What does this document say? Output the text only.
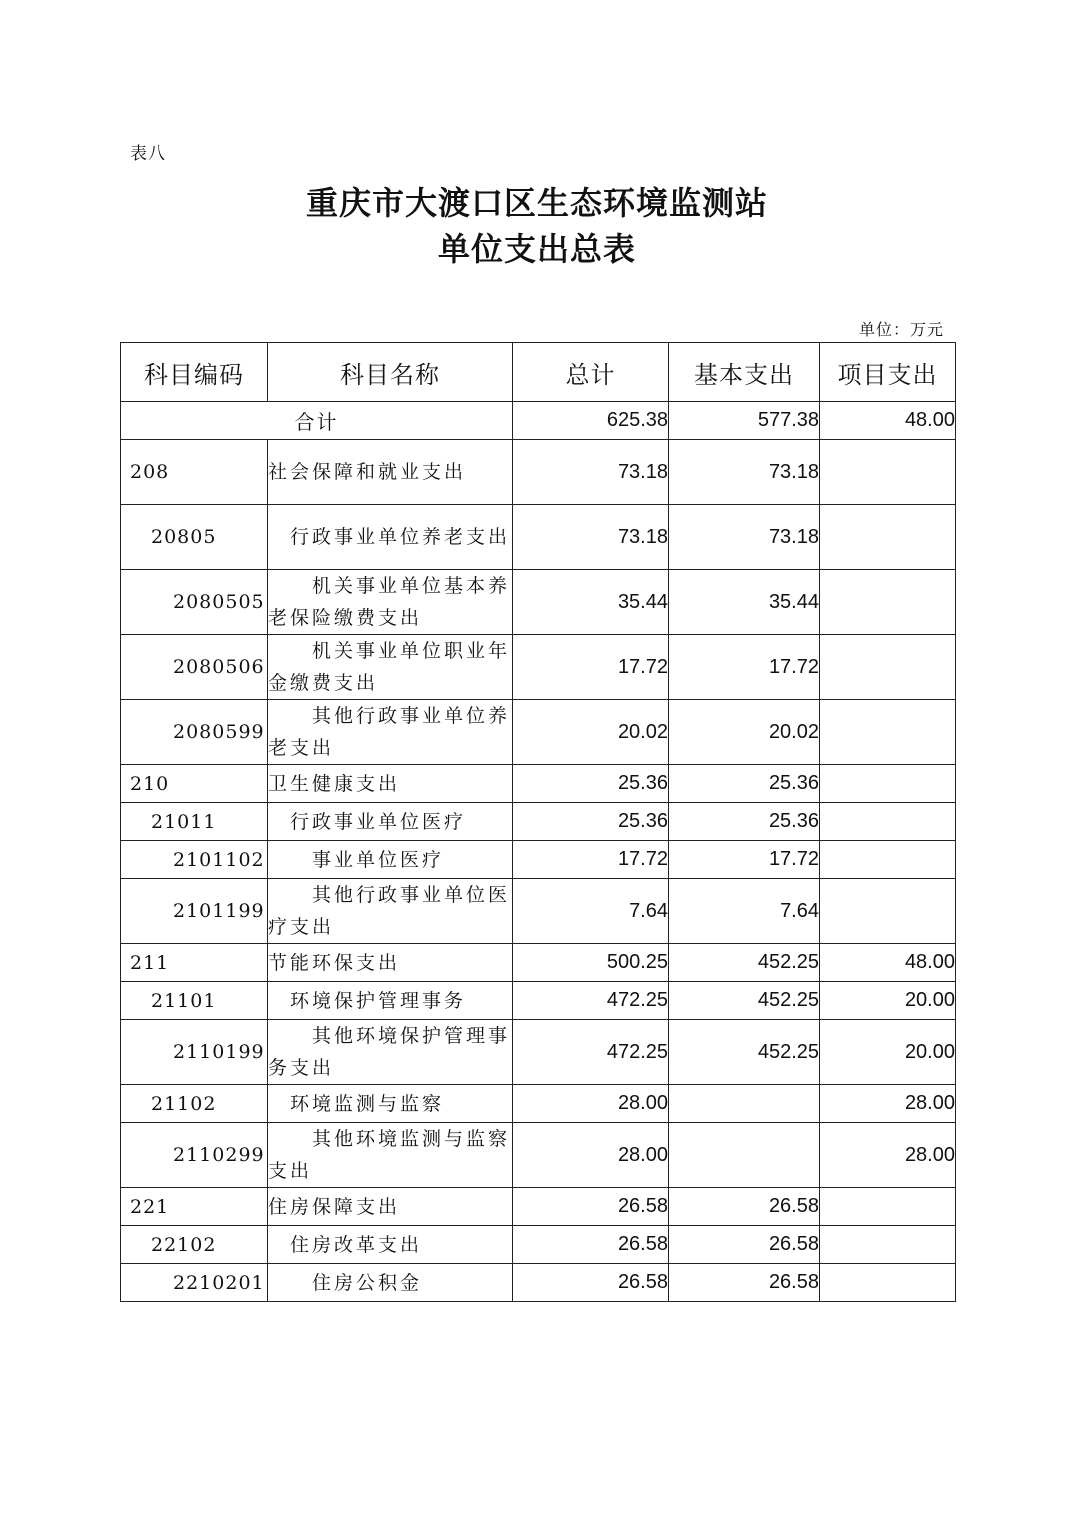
表八
重庆市大渡口区生态环境监测站
单位支出总表
单位：万元
科目编码	科目名称	总计	基本支出	项目支出
合计		625.38	577.38	48.00
208	社会保障和就业支出	73.18	73.18	
20805	行政事业单位养老支出	73.18	73.18	
2080505	机关事业单位基本养老保险缴费支出	35.44	35.44	
2080506	机关事业单位职业年金缴费支出	17.72	17.72	
2080599	其他行政事业单位养老支出	20.02	20.02	
210	卫生健康支出	25.36	25.36	
21011	行政事业单位医疗	25.36	25.36	
2101102	事业单位医疗	17.72	17.72	
2101199	其他行政事业单位医疗支出	7.64	7.64	
211	节能环保支出	500.25	452.25	48.00
21101	环境保护管理事务	472.25	452.25	20.00
2110199	其他环境保护管理事务支出	472.25	452.25	20.00
21102	环境监测与监察	28.00		28.00
2110299	其他环境监测与监察支出	28.00		28.00
221	住房保障支出	26.58	26.58	
22102	住房改革支出	26.58	26.58	
2210201	住房公积金	26.58	26.58	
